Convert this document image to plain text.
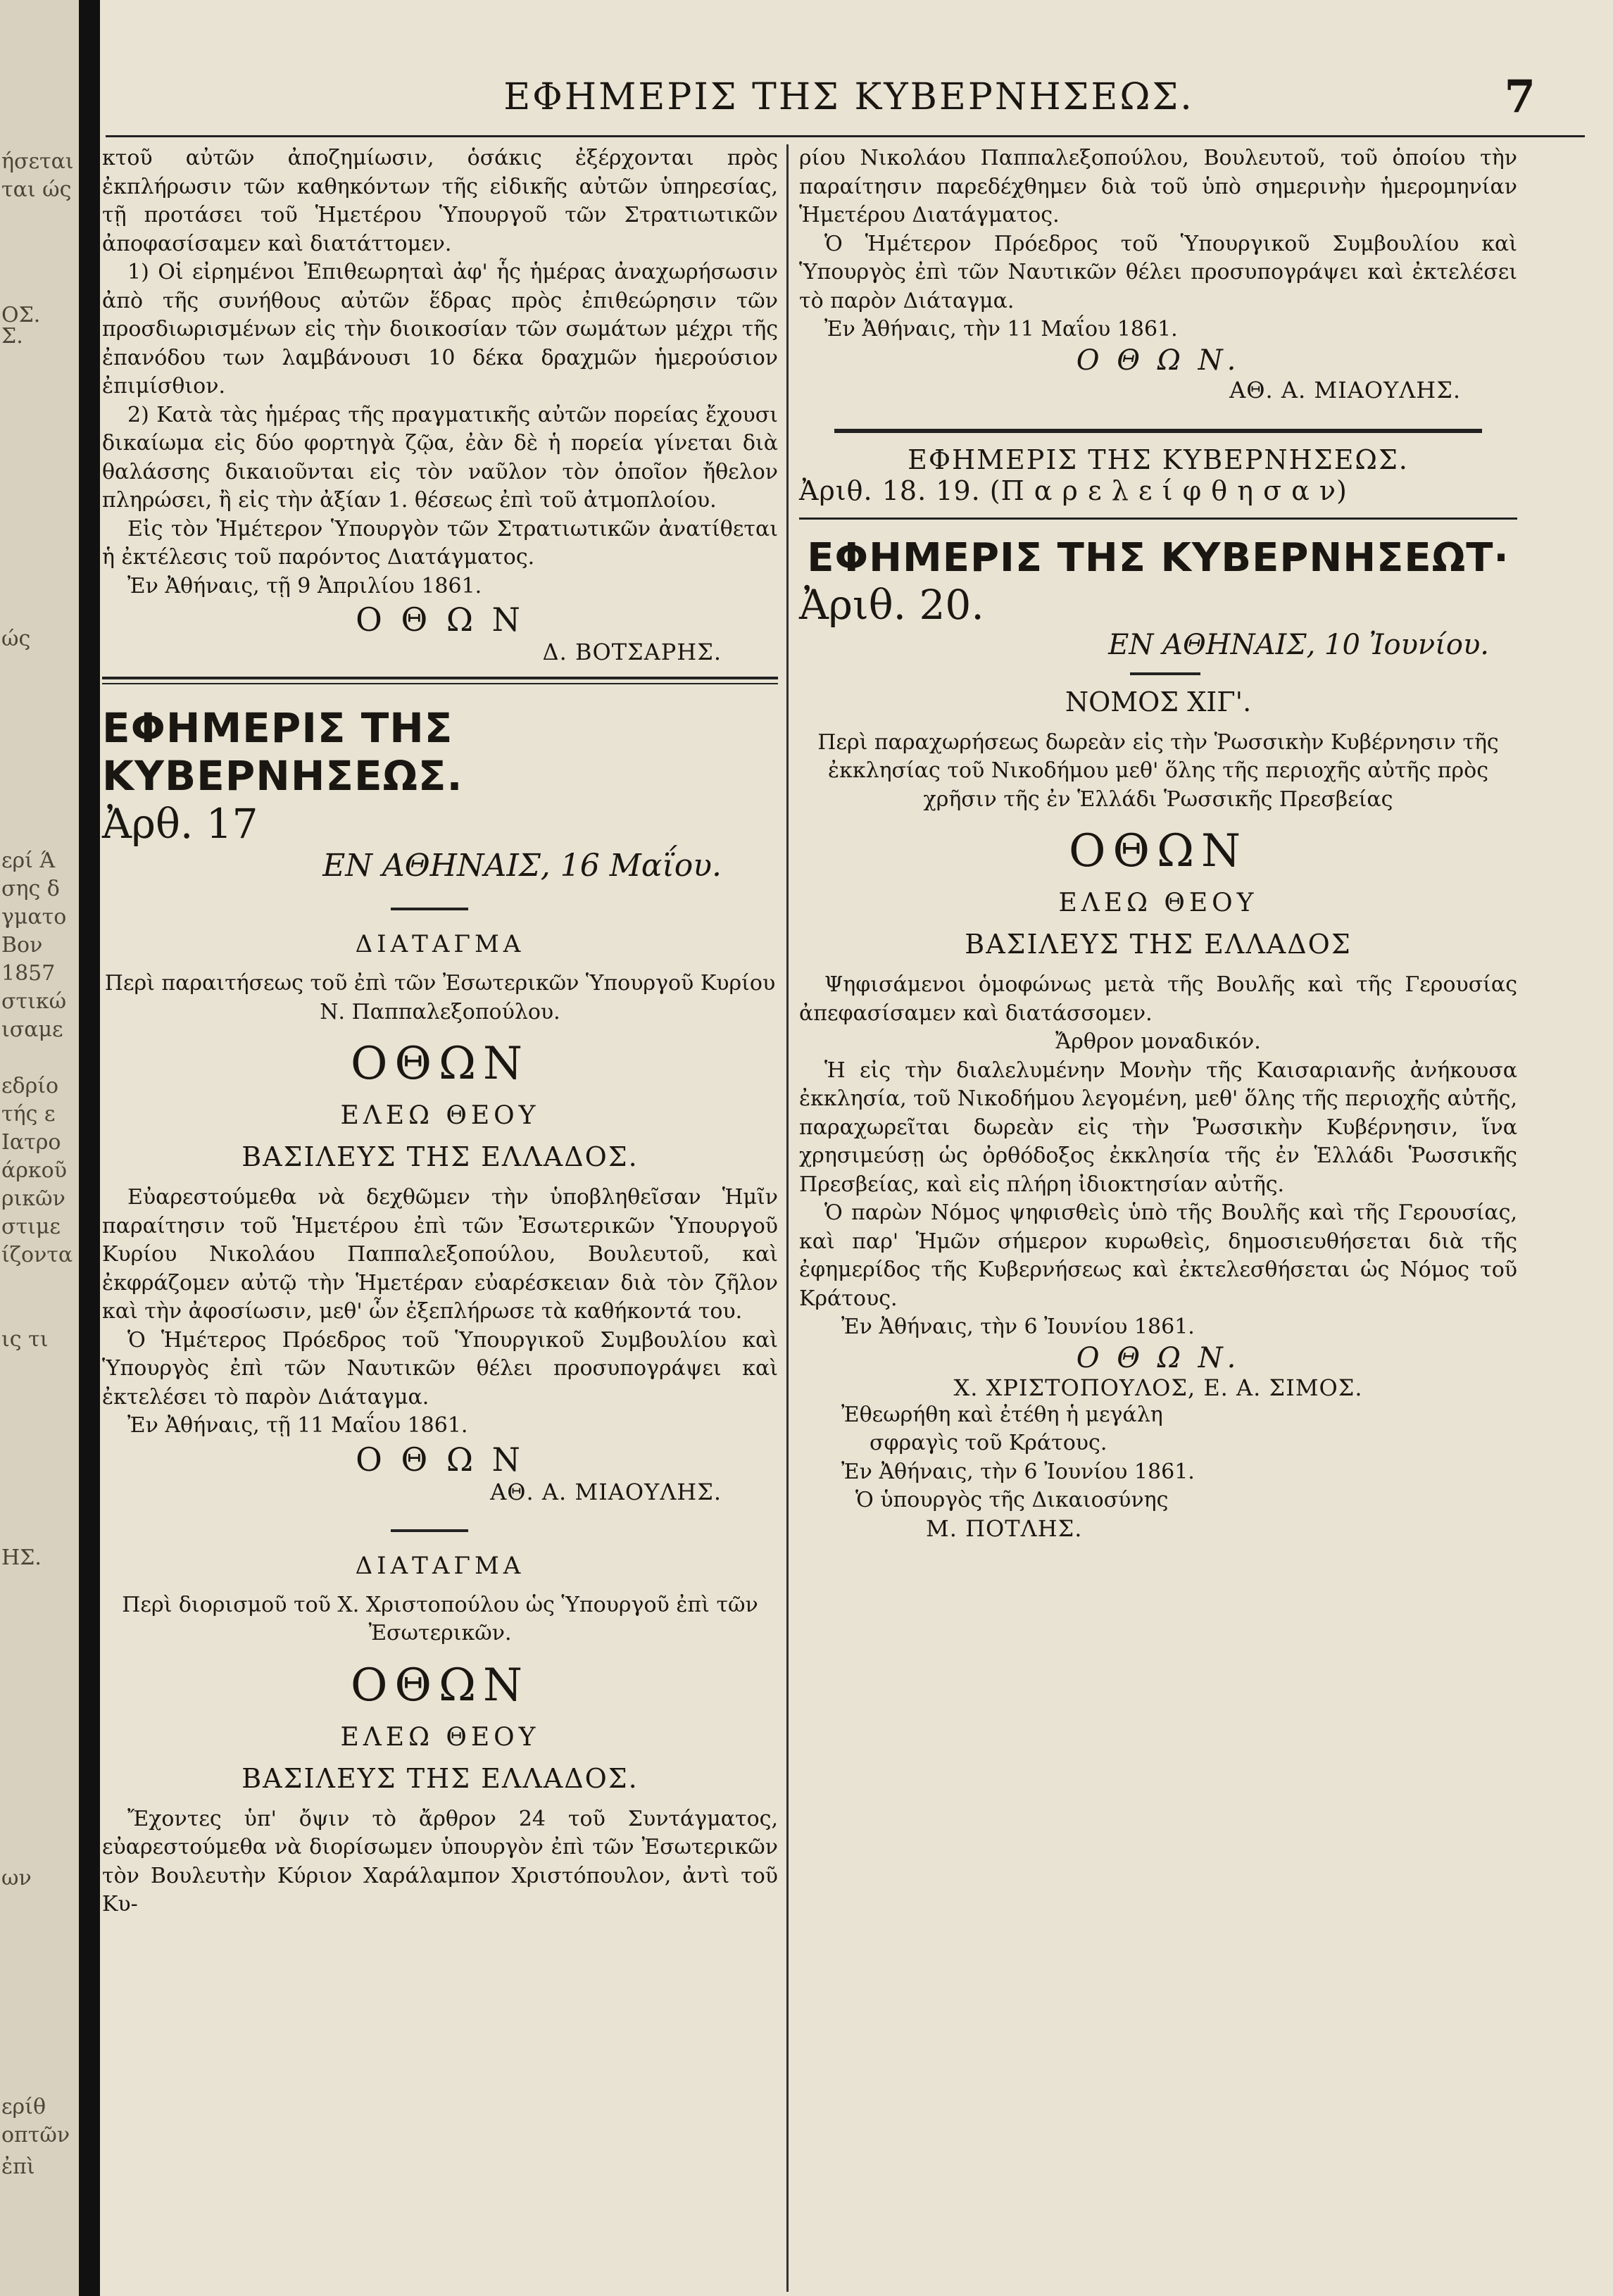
ήσεται
ται ώς
ΟΣ.
Σ.
ερί Ά
σης δ
γματο
Βον
1857
στικώ
ισαμε
εδρίο
τής ε
Ιατρο
άρκοῦ
ρικῶν
στιμε
ίζοντα
ις τι
ΗΣ.
ώς
ων
ερίθ
οπτῶν
ἐπὶ
ΕΦΗΜΕΡΙΣ ΤΗΣ ΚΥΒΕΡΝΗΣΕΩΣ.	7

κτοῦ αὐτῶν ἀποζημίωσιν, ὁσάκις ἐξέρχονται πρὸς ἐκπλήρωσιν τῶν καθηκόντων τῆς εἰδικῆς αὐτῶν ὑπηρεσίας, τῇ προτάσει τοῦ Ἡμετέρου Ὑπουργοῦ τῶν Στρατιωτικῶν ἀποφασίσαμεν καὶ διατάττομεν.

1) Οἱ εἰρημένοι Ἐπιθεωρηταὶ ἀφ' ἧς ἡμέρας ἀναχωρήσωσιν ἀπὸ τῆς συνήθους αὐτῶν ἕδρας πρὸς ἐπιθεώρησιν τῶν προσδιωρισμένων εἰς τὴν διοικοσίαν τῶν σωμάτων μέχρι τῆς ἐπανόδου των λαμβάνουσι 10 δέκα δραχμῶν ἡμερούσιον ἐπιμίσθιον.

2) Κατὰ τὰς ἡμέρας τῆς πραγματικῆς αὐτῶν πορείας ἔχουσι δικαίωμα εἰς δύο φορτηγὰ ζῷα, ἐὰν δὲ ἡ πορεία γίνεται διὰ θαλάσσης δικαιοῦνται εἰς τὸν ναῦλον τὸν ὁποῖον ἤθελον πληρώσει, ἢ εἰς τὴν ἀξίαν 1. θέσεως ἐπὶ τοῦ ἀτμοπλοίου.

Εἰς τὸν Ἡμέτερον Ὑπουργὸν τῶν Στρατιωτικῶν ἀνατίθεται ἡ ἐκτέλεσις τοῦ παρόντος Διατάγματος.

Ἐν Ἀθήναις, τῇ 9 Ἀπριλίου 1861.

Ο Θ Ω Ν

Δ. ΒΟΤΣΑΡΗΣ.

ΕΦΗΜΕΡΙΣ ΤΗΣ ΚΥΒΕΡΝΗΣΕΩΣ.

Ἀρθ. 17

ΕΝ ΑΘΗΝΑΙΣ, 16 Μαΐου.

ΔΙΑΤΑΓΜΑ

Περὶ παραιτήσεως τοῦ ἐπὶ τῶν Ἐσωτερικῶν Ὑπουργοῦ Κυρίου Ν. Παππαλεξοπούλου.

ΟΘΩΝ

ΕΛΕΩ ΘΕΟΥ

ΒΑΣΙΛΕΥΣ ΤΗΣ ΕΛΛΑΔΟΣ.

Εὐαρεστούμεθα νὰ δεχθῶμεν τὴν ὑποβληθεῖσαν Ἡμῖν παραίτησιν τοῦ Ἡμετέρου ἐπὶ τῶν Ἐσωτερικῶν Ὑπουργοῦ Κυρίου Νικολάου Παππαλεξοπούλου, Βουλευτοῦ, καὶ ἐκφράζομεν αὐτῷ τὴν Ἡμετέραν εὐαρέσκειαν διὰ τὸν ζῆλον καὶ τὴν ἀφοσίωσιν, μεθ' ὧν ἐξεπλήρωσε τὰ καθήκοντά του.

Ὁ Ἡμέτερος Πρόεδρος τοῦ Ὑπουργικοῦ Συμβουλίου καὶ Ὑπουργὸς ἐπὶ τῶν Ναυτικῶν θέλει προσυπογράψει καὶ ἐκτελέσει τὸ παρὸν Διάταγμα.

Ἐν Ἀθήναις, τῇ 11 Μαΐου 1861.

Ο Θ Ω Ν

ΑΘ. Α. ΜΙΑΟΥΛΗΣ.

ΔΙΑΤΑΓΜΑ

Περὶ διορισμοῦ τοῦ Χ. Χριστοπούλου ὡς Ὑπουργοῦ ἐπὶ τῶν Ἐσωτερικῶν.

ΟΘΩΝ

ΕΛΕΩ ΘΕΟΥ

ΒΑΣΙΛΕΥΣ ΤΗΣ ΕΛΛΑΔΟΣ.

Ἔχοντες ὑπ' ὄψιν τὸ ἄρθρον 24 τοῦ Συντάγματος, εὐαρεστούμεθα νὰ διορίσωμεν ὑπουργὸν ἐπὶ τῶν Ἐσωτερικῶν τὸν Βουλευτὴν Κύριον Χαράλαμπον Χριστόπουλον, ἀντὶ τοῦ Κυ-

ρίου Νικολάου Παππαλεξοπούλου, Βουλευτοῦ, τοῦ ὁποίου τὴν παραίτησιν παρεδέχθημεν διὰ τοῦ ὑπὸ σημερινὴν ἡμερομηνίαν Ἡμετέρου Διατάγματος.

Ὁ Ἡμέτερον Πρόεδρος τοῦ Ὑπουργικοῦ Συμβουλίου καὶ Ὑπουργὸς ἐπὶ τῶν Ναυτικῶν θέλει προσυπογράψει καὶ ἐκτελέσει τὸ παρὸν Διάταγμα.

Ἐν Ἀθήναις, τὴν 11 Μαΐου 1861.

Ο Θ Ω Ν.

ΑΘ. Α. ΜΙΑΟΥΛΗΣ.

ΕΦΗΜΕΡΙΣ ΤΗΣ ΚΥΒΕΡΝΗΣΕΩΣ.

Ἀριθ. 18. 19. (Π α ρ ε λ ε ί φ θ η σ α ν)

ΕΦΗΜΕΡΙΣ ΤΗΣ ΚΥΒΕΡΝΗΣΕΩΤ·

Ἀριθ. 20.

ΕΝ ΑΘΗΝΑΙΣ, 10 Ἰουνίου.

ΝΟΜΟΣ ΧΙΓ'.

Περὶ παραχωρήσεως δωρεὰν εἰς τὴν Ῥωσσικὴν Κυβέρνησιν τῆς ἐκκλησίας τοῦ Νικοδήμου μεθ' ὅλης τῆς περιοχῆς αὐτῆς πρὸς χρῆσιν τῆς ἐν Ἑλλάδι Ῥωσσικῆς Πρεσβείας

ΟΘΩΝ

ΕΛΕΩ ΘΕΟΥ

ΒΑΣΙΛΕΥΣ ΤΗΣ ΕΛΛΑΔΟΣ

Ψηφισάμενοι ὁμοφώνως μετὰ τῆς Βουλῆς καὶ τῆς Γερουσίας ἀπεφασίσαμεν καὶ διατάσσομεν.

Ἄρθρον μοναδικόν.

Ἡ εἰς τὴν διαλελυμένην Μονὴν τῆς Καισαριανῆς ἀνήκουσα ἐκκλησία, τοῦ Νικοδήμου λεγομένη, μεθ' ὅλης τῆς περιοχῆς αὐτῆς, παραχωρεῖται δωρεὰν εἰς τὴν Ῥωσσικὴν Κυβέρνησιν, ἵνα χρησιμεύσῃ ὡς ὀρθόδοξος ἐκκλησία τῆς ἐν Ἑλλάδι Ῥωσσικῆς Πρεσβείας, καὶ εἰς πλήρη ἰδιοκτησίαν αὐτῆς.

Ὁ παρὼν Νόμος ψηφισθεὶς ὑπὸ τῆς Βουλῆς καὶ τῆς Γερουσίας, καὶ παρ' Ἡμῶν σήμερον κυρωθεὶς, δημοσιευθήσεται διὰ τῆς ἐφημερίδος τῆς Κυβερνήσεως καὶ ἐκτελεσθήσεται ὡς Νόμος τοῦ Κράτους.

Ἐν Ἀθήναις, τὴν 6 Ἰουνίου 1861.

Ο Θ Ω Ν.

Χ. ΧΡΙΣΤΟΠΟΥΛΟΣ, Ε. Α. ΣΙΜΟΣ.

Ἐθεωρήθη καὶ ἐτέθη ἡ μεγάλη

σφραγὶς τοῦ Κράτους.

Ἐν Ἀθήναις, τὴν 6 Ἰουνίου 1861.

Ὁ ὑπουργὸς τῆς Δικαιοσύνης

Μ. ΠΟΤΛΗΣ.
